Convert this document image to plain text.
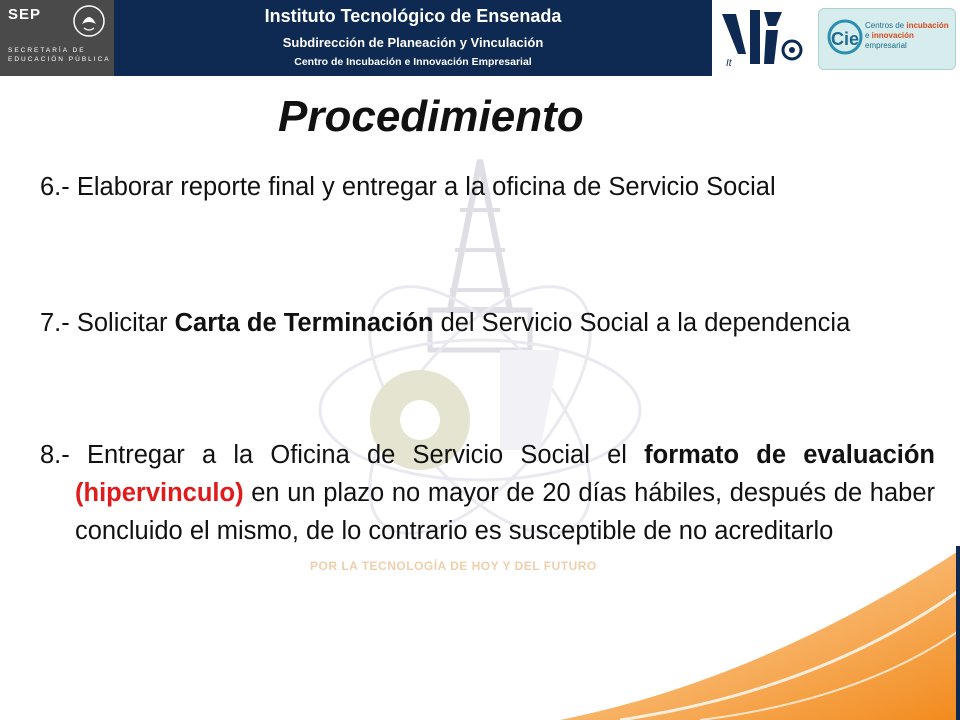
SEP
SECRETARÍA DE
EDUCACIÓN PÚBLICA
Instituto Tecnológico de Ensenada
Subdirección de Planeación y Vinculación
Centro de Incubación e Innovación Empresarial	It
Cie
Centros de incubación e innovación empresarial
POR LA TECNOLOGÍA DE HOY Y DEL FUTURO
Procedimiento
6.- Elaborar reporte final y entregar a la oficina de Servicio Social
7.- Solicitar Carta de Terminación del Servicio Social a la dependencia
8.- Entregar a la Oficina de Servicio Social el formato de evaluación (hipervinculo) en un plazo no mayor de 20 días hábiles, después de haber concluido el mismo, de lo contrario es susceptible de no acreditarlo
